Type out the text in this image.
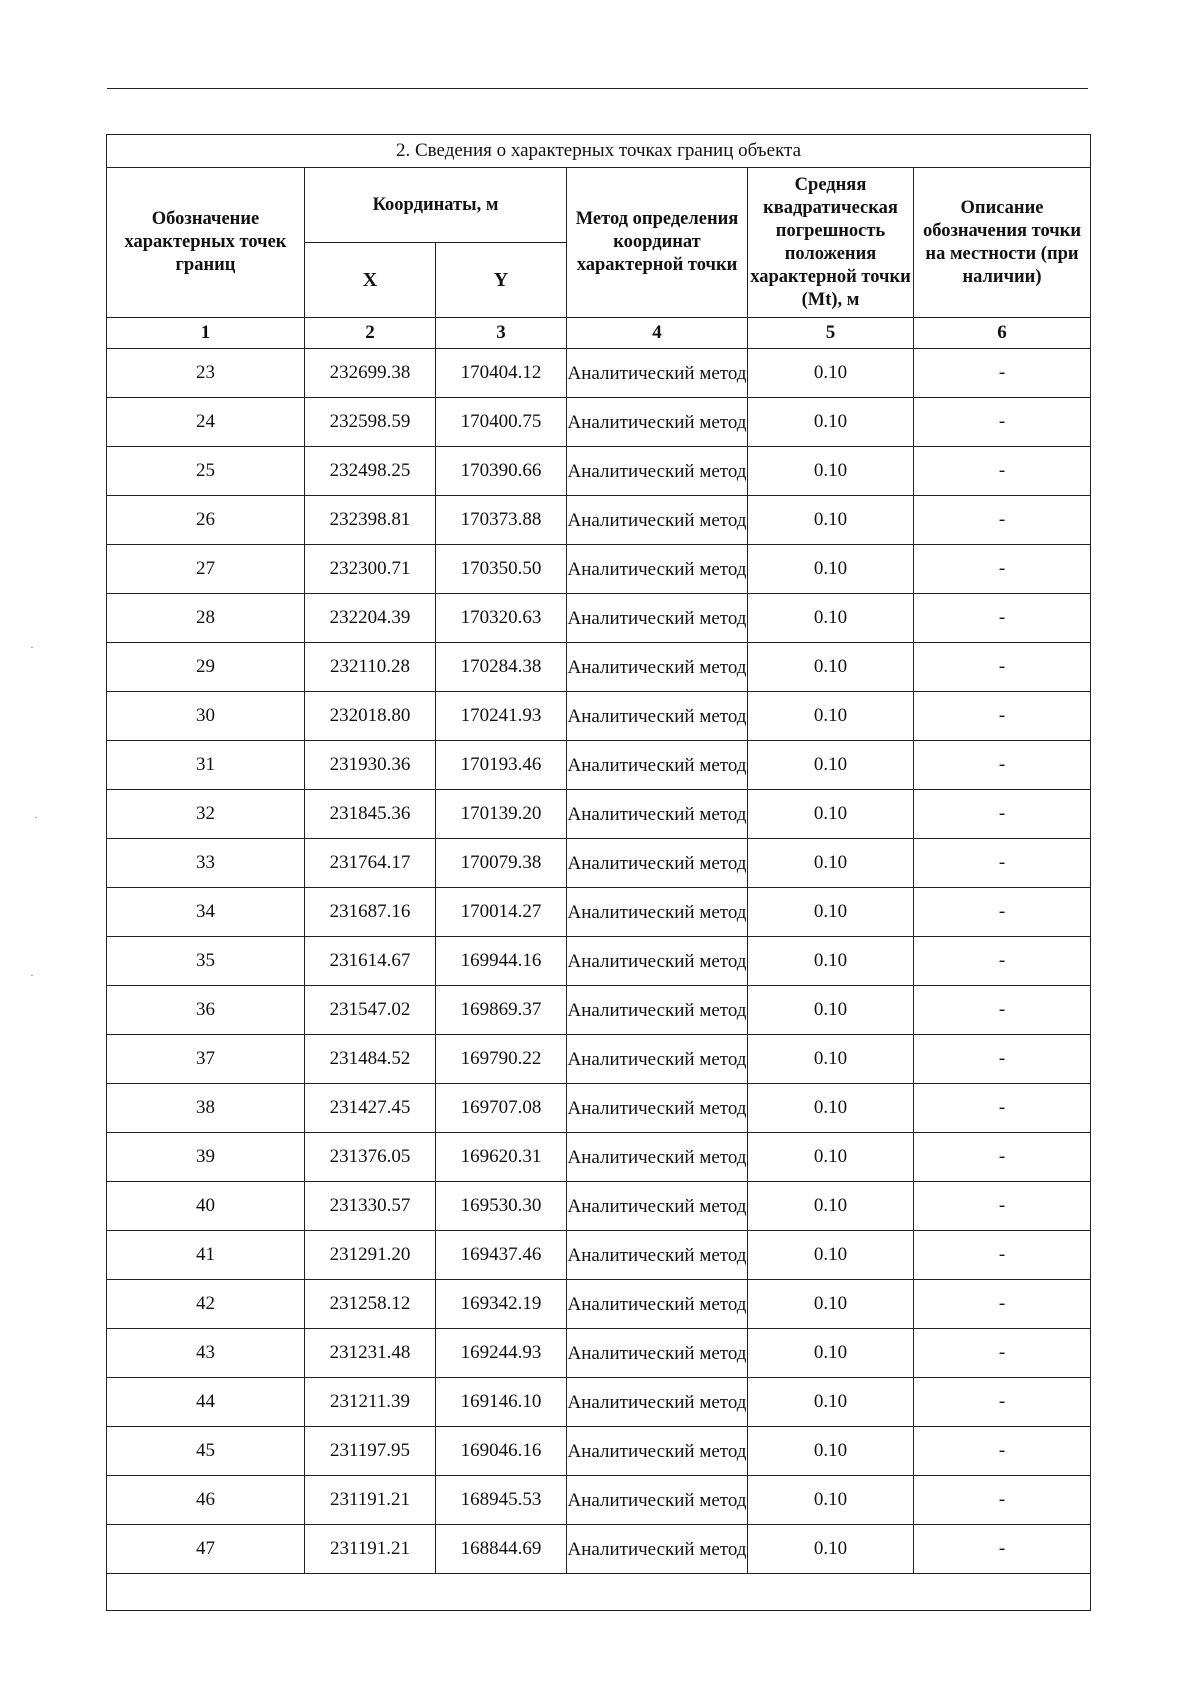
2. Сведения о характерных точках границ объекта					
Обозначение характерных точек границ	Координаты, м		Метод определения координат характерной точки	Средняя квадратическая погрешность положения характерной точки (Mt), м	Описание обозначения точки на местности (при наличии)
	X	Y			
1	2	3	4	5	6
23	232699.38	170404.12	Аналитический метод	0.10	-
24	232598.59	170400.75	Аналитический метод	0.10	-
25	232498.25	170390.66	Аналитический метод	0.10	-
26	232398.81	170373.88	Аналитический метод	0.10	-
27	232300.71	170350.50	Аналитический метод	0.10	-
28	232204.39	170320.63	Аналитический метод	0.10	-
29	232110.28	170284.38	Аналитический метод	0.10	-
30	232018.80	170241.93	Аналитический метод	0.10	-
31	231930.36	170193.46	Аналитический метод	0.10	-
32	231845.36	170139.20	Аналитический метод	0.10	-
33	231764.17	170079.38	Аналитический метод	0.10	-
34	231687.16	170014.27	Аналитический метод	0.10	-
35	231614.67	169944.16	Аналитический метод	0.10	-
36	231547.02	169869.37	Аналитический метод	0.10	-
37	231484.52	169790.22	Аналитический метод	0.10	-
38	231427.45	169707.08	Аналитический метод	0.10	-
39	231376.05	169620.31	Аналитический метод	0.10	-
40	231330.57	169530.30	Аналитический метод	0.10	-
41	231291.20	169437.46	Аналитический метод	0.10	-
42	231258.12	169342.19	Аналитический метод	0.10	-
43	231231.48	169244.93	Аналитический метод	0.10	-
44	231211.39	169146.10	Аналитический метод	0.10	-
45	231197.95	169046.16	Аналитический метод	0.10	-
46	231191.21	168945.53	Аналитический метод	0.10	-
47	231191.21	168844.69	Аналитический метод	0.10	-

·
·
·
